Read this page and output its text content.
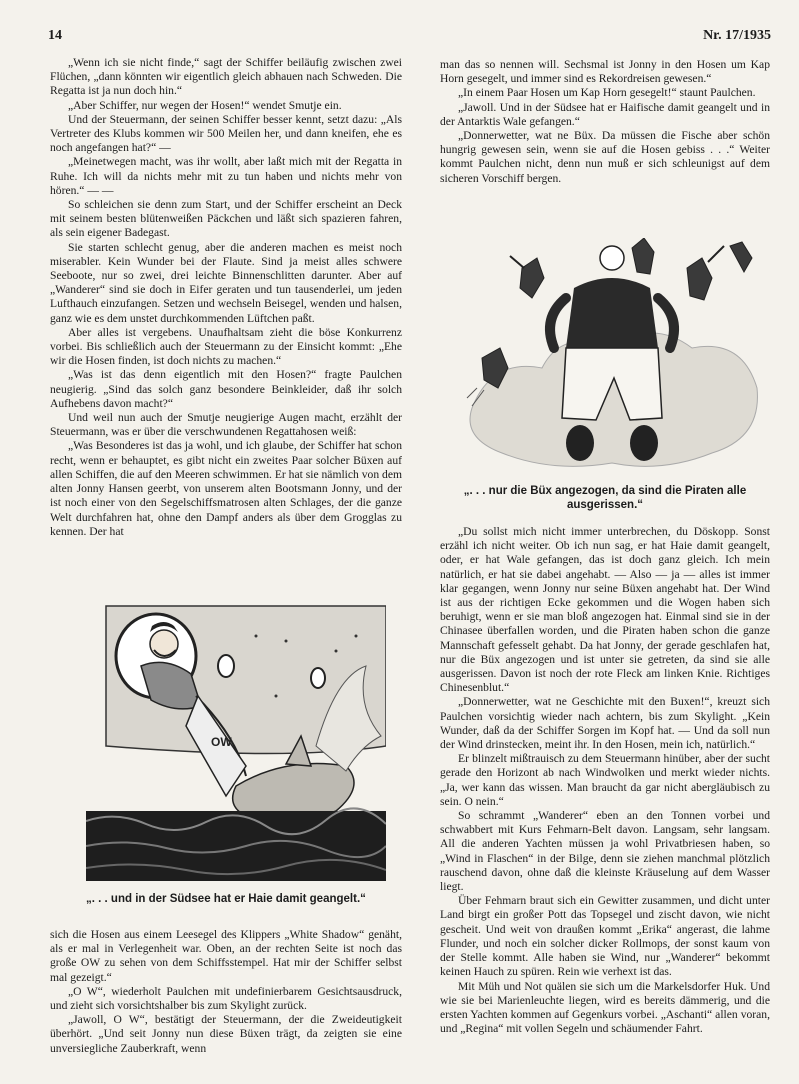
14	Nr. 17/1935

„Wenn ich sie nicht finde,“ sagt der Schiffer beiläufig zwischen zwei Flüchen, „dann könnten wir eigentlich gleich abhauen nach Schweden. Die Regatta ist ja nun doch hin.“

„Aber Schiffer, nur wegen der Hosen!“ wendet Smutje ein.

Und der Steuermann, der seinen Schiffer besser kennt, setzt dazu: „Als Vertreter des Klubs kommen wir 500 Meilen her, und dann kneifen, ehe es noch angefangen hat?“ —

„Meinetwegen macht, was ihr wollt, aber laßt mich mit der Regatta in Ruhe. Ich will da nichts mehr mit zu tun haben und nichts mehr von hören.“ — —

So schleichen sie denn zum Start, und der Schiffer erscheint an Deck mit seinem besten blütenweißen Päckchen und läßt sich spazieren fahren, als sein eigener Badegast.

Sie starten schlecht genug, aber die anderen machen es meist noch miserabler. Kein Wunder bei der Flaute. Sind ja meist alles schwere Seeboote, nur so zwei, drei leichte Binnenschlitten darunter. Aber auf „Wanderer“ sind sie doch in Eifer geraten und tun tausenderlei, um jeden Lufthauch einzufangen. Setzen und wechseln Beisegel, wenden und halsen, ganz wie es dem unstet durchkommenden Lüftchen paßt.

Aber alles ist vergebens. Unaufhaltsam zieht die böse Konkurrenz vorbei. Bis schließlich auch der Steuermann zu der Einsicht kommt: „Ehe wir die Hosen finden, ist doch nichts zu machen.“

„Was ist das denn eigentlich mit den Hosen?“ fragte Paulchen neugierig. „Sind das solch ganz besondere Beinkleider, daß ihr solch Aufhebens davon macht?“

Und weil nun auch der Smutje neugierige Augen macht, erzählt der Steuermann, was er über die verschwundenen Regattahosen weiß:

„Was Besonderes ist das ja wohl, und ich glaube, der Schiffer hat schon recht, wenn er behauptet, es gibt nicht ein zweites Paar solcher Büxen auf allen Schiffen, die auf den Meeren schwimmen. Er hat sie nämlich von dem alten Jonny Hansen geerbt, von unserem alten Bootsmann Jonny, und der ist noch einer von den Segelschiffsmatrosen alten Schlages, der die ganze Welt durchfahren hat, ohne den Dampf anders als über dem Grogglas zu kennen. Der hat

OW
„. . . und in der Südsee hat er Haie damit geangelt.“

sich die Hosen aus einem Leesegel des Klippers „White Shadow“ genäht, als er mal in Verlegenheit war. Oben, an der rechten Seite ist noch das große OW zu sehen von dem Schiffsstempel. Hat mir der Schiffer selbst mal gezeigt.“

„O W“, wiederholt Paulchen mit undefinierbarem Gesichtsausdruck, und zieht sich vorsichtshalber bis zum Skylight zurück.

„Jawoll, O W“, bestätigt der Steuermann, der die Zweideutigkeit überhört. „Und seit Jonny nun diese Büxen trägt, da zeigten sie eine unversiegliche Zauberkraft, wenn

man das so nennen will. Sechsmal ist Jonny in den Hosen um Kap Horn gesegelt, und immer sind es Rekordreisen gewesen.“

„In einem Paar Hosen um Kap Horn gesegelt!“ staunt Paulchen.

„Jawoll. Und in der Südsee hat er Haifische damit geangelt und in der Antarktis Wale gefangen.“

„Donnerwetter, wat ne Büx. Da müssen die Fische aber schön hungrig gewesen sein, wenn sie auf die Hosen gebiss . . .“ Weiter kommt Paulchen nicht, denn nun muß er sich schleunigst auf dem sicheren Vorschiff bergen.

„. . . nur die Büx angezogen, da sind die Piraten alle ausgerissen.“

„Du sollst mich nicht immer unterbrechen, du Döskopp. Sonst erzähl ich nicht weiter. Ob ich nun sag, er hat Haie damit geangelt, oder, er hat Wale gefangen, das ist doch ganz gleich. Ich mein natürlich, er hat sie dabei angehabt. — Also — ja — alles ist immer klar gegangen, wenn Jonny nur seine Büxen angehabt hat. Der Wind ist aus der richtigen Ecke gekommen und die Wogen haben sich beruhigt, wenn er sie man bloß angezogen hat. Einmal sind sie in der Chinasee überfallen worden, und die Piraten haben schon die ganze Mannschaft gefesselt gehabt. Da hat Jonny, der gerade geschlafen hat, nur die Büx angezogen und ist unter sie getreten, da sind sie alle ausgerissen. Davon ist noch der rote Fleck am linken Knie. Richtiges Chinesenblut.“

„Donnerwetter, wat ne Geschichte mit den Buxen!“, kreuzt sich Paulchen vorsichtig wieder nach achtern, bis zum Skylight. „Kein Wunder, daß da der Schiffer Sorgen im Kopf hat. — Und da soll nun der Wind drinstecken, meint ihr. In den Hosen, mein ich, natürlich.“

Er blinzelt mißtrauisch zu dem Steuermann hinüber, aber der sucht gerade den Horizont ab nach Windwolken und merkt wieder nichts. „Ja, wer kann das wissen. Man braucht da gar nicht abergläubisch zu sein. O nein.“

So schrammt „Wanderer“ eben an den Tonnen vorbei und schwabbert mit Kurs Fehmarn-Belt davon. Langsam, sehr langsam. All die anderen Yachten müssen ja wohl Privatbriesen haben, so „Wind in Flaschen“ in der Bilge, denn sie ziehen manchmal plötzlich rauschend davon, ohne daß die kleinste Kräuselung auf dem Wasser liegt.

Über Fehmarn braut sich ein Gewitter zusammen, und dicht unter Land birgt ein großer Pott das Topsegel und zischt davon, wie nicht gescheit. Und weit von draußen kommt „Erika“ angerast, die lahme Flunder, und noch ein solcher dicker Rollmops, der sonst kaum von der Stelle kommt. Alle haben sie Wind, nur „Wanderer“ bekommt keinen Hauch zu spüren. Rein wie verhext ist das.

Mit Müh und Not quälen sie sich um die Markelsdorfer Huk. Und wie sie bei Marienleuchte liegen, wird es bereits dämmerig, und die ersten Yachten kommen auf Gegenkurs vorbei. „Aschanti“ allen voran, und „Regina“ mit vollen Segeln und schäumender Fahrt.
